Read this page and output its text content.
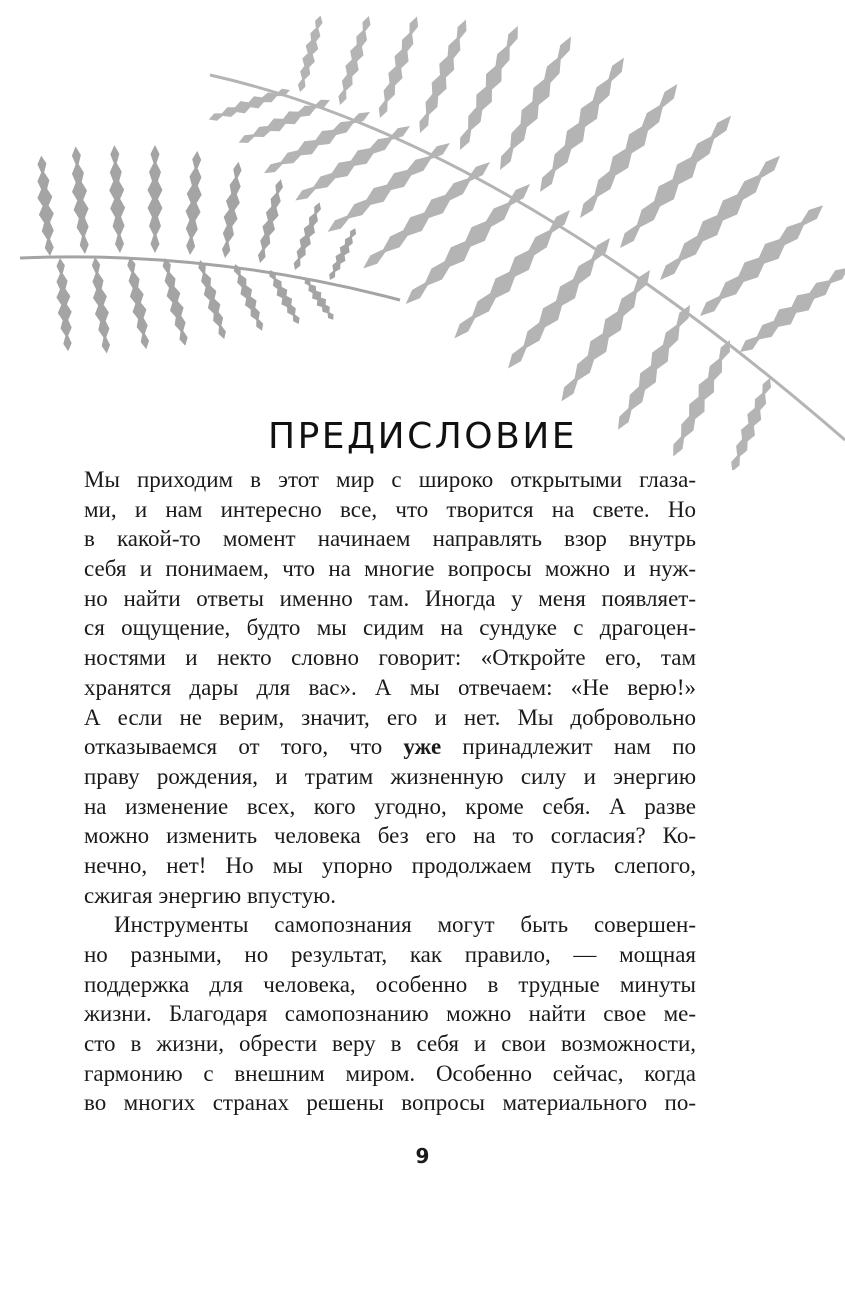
ПРЕДИСЛОВИЕ
Мы приходим в этот мир с широко открытыми глаза-
ми, и нам интересно все, что творится на свете. Но
в какой-то момент начинаем направлять взор внутрь
себя и понимаем, что на многие вопросы можно и нуж-
но найти ответы именно там. Иногда у меня появляет-
ся ощущение, будто мы сидим на сундуке с драгоцен-
ностями и некто словно говорит: «Откройте его, там
хранятся дары для вас». А мы отвечаем: «Не верю!»
А если не верим, значит, его и нет. Мы добровольно
отказываемся от того, что уже принадлежит нам по
праву рождения, и тратим жизненную силу и энергию
на изменение всех, кого угодно, кроме себя. А разве
можно изменить человека без его на то согласия? Ко-
нечно, нет! Но мы упорно продолжаем путь слепого,
сжигая энергию впустую.
Инструменты самопознания могут быть совершен-
но разными, но результат, как правило, — мощная
поддержка для человека, особенно в трудные минуты
жизни. Благодаря самопознанию можно найти свое ме-
сто в жизни, обрести веру в себя и свои возможности,
гармонию с внешним миром. Особенно сейчас, когда
во многих странах решены вопросы материального по-
9
